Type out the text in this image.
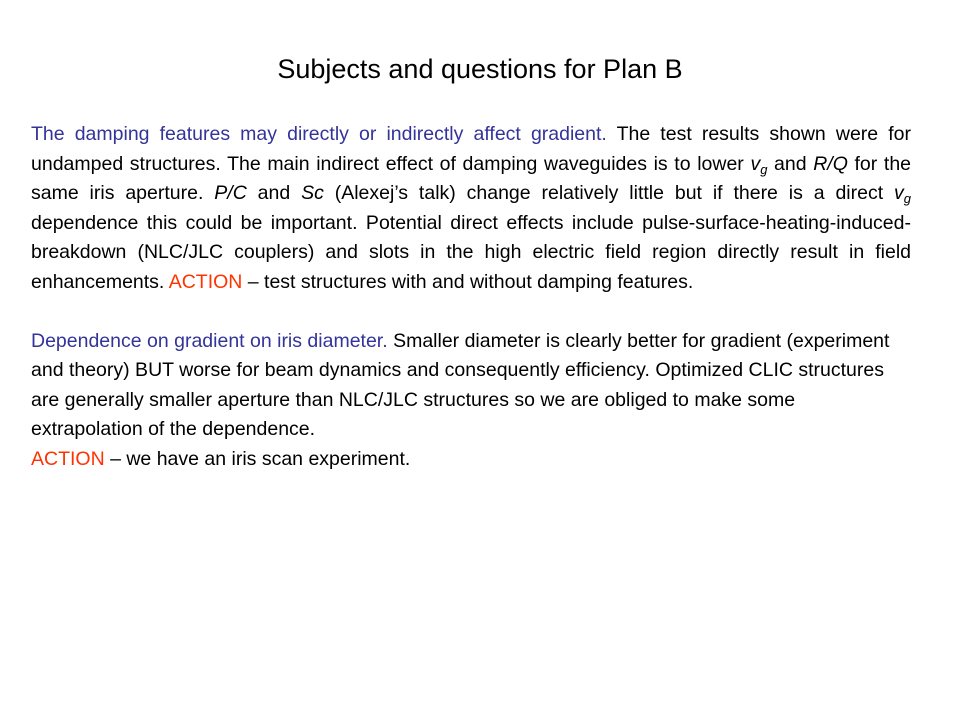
Subjects and questions for Plan B

The damping features may directly or indirectly affect gradient. The test results shown were for undamped structures. The main indirect effect of damping waveguides is to lower $v_g$ and R/Q for the same iris aperture. P/C and Sc (Alexej’s talk) change relatively little but if there is a direct $v_g$ dependence this could be important. Potential direct effects include pulse-surface-heating-induced-breakdown (NLC/JLC couplers) and slots in the high electric field region directly result in field enhancements. ACTION – test structures with and without damping features.

Dependence on gradient on iris diameter. Smaller diameter is clearly better for gradient (experiment and theory) BUT worse for beam dynamics and consequently efficiency. Optimized CLIC structures are generally smaller aperture than NLC/JLC structures so we are obliged to make some extrapolation of the dependence.
ACTION – we have an iris scan experiment.
